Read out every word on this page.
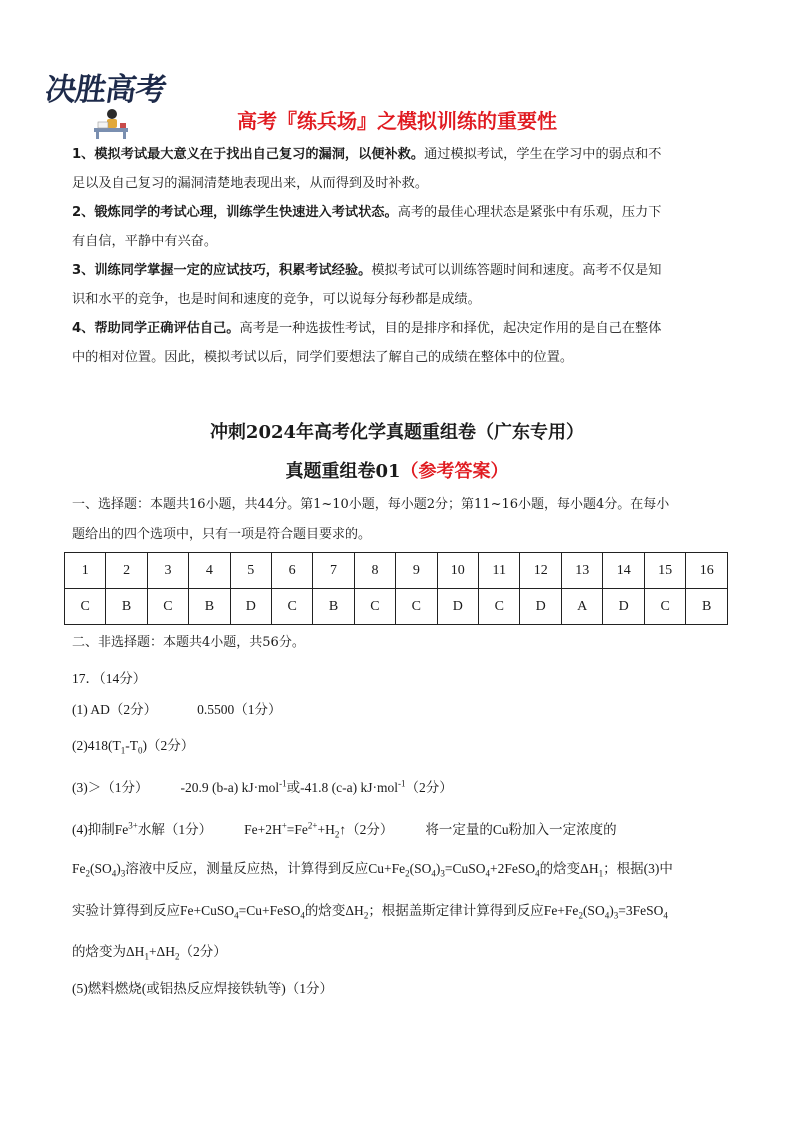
决胜高考
高考『练兵场』之模拟训练的重要性

1、模拟考试最大意义在于找出自己复习的漏洞，以便补救。通过模拟考试，学生在学习中的弱点和不

足以及自己复习的漏洞清楚地表现出来，从而得到及时补救。

2、锻炼同学的考试心理，训练学生快速进入考试状态。高考的最佳心理状态是紧张中有乐观，压力下

有自信，平静中有兴奋。

3、训练同学掌握一定的应试技巧，积累考试经验。模拟考试可以训练答题时间和速度。高考不仅是知

识和水平的竞争，也是时间和速度的竞争，可以说每分每秒都是成绩。

4、帮助同学正确评估自己。高考是一种选拔性考试，目的是排序和择优，起决定作用的是自己在整体

中的相对位置。因此，模拟考试以后，同学们要想法了解自己的成绩在整体中的位置。

冲刺2024年高考化学真题重组卷（广东专用）
真题重组卷01（参考答案）

一、选择题：本题共16小题，共44分。第1~10小题，每小题2分；第11~16小题，每小题4分。在每小

题给出的四个选项中，只有一项是符合题目要求的。

1	2	3	4	5	6	7	8	9	10	11	12	13	14	15	16
C	B	C	B	D	C	B	C	C	D	C	D	A	D	C	B

二、非选择题：本题共4小题，共56分。

17．（14分）
(1) AD（2分）	0.5500（1分）
$(2)418(T_1-T_0)(2$分）
(3)＞（1分） -20.9 (b-a) kJ·mol$^{-1}$或-41.8 (c-a) kJ·mol$^{-1}$（2分）
(4)抑制$Fe^{3+}$水解（1分） $Fe+2H^+=Fe^{2+}+H_2↑(2$分） 将一定量的Cu粉加入一定浓度的
$Fe_2(SO_4)_3$溶液中反应，测量反应热，计算得到反应$Cu+Fe_2(SO_4)_3=CuSO_4+2FeSO_4$的焓变$\Delta H_1$；根据(3)中
实验计算得到反应Fe+CuSO$_4$=Cu+FeSO$_4$的焓变$\Delta H_2$；根据盖斯定律计算得到反应$Fe+Fe_2(SO_4)_3=3FeSO_4$
的焓变为$\Delta H_1+\Delta H_2(2$分）
(5)燃料燃烧(或铝热反应焊接铁轨等)（1分）
